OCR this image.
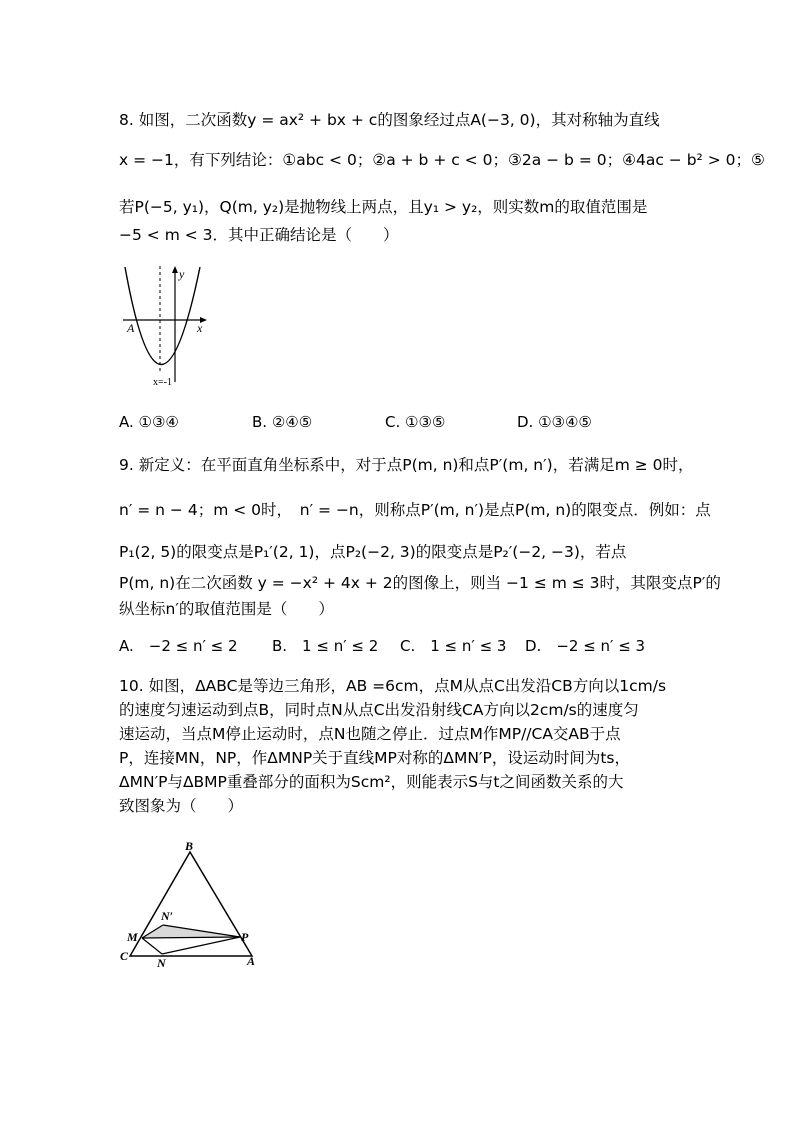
8. 如图，二次函数y = ax² + bx + c的图象经过点A(−3, 0)，其对称轴为直线
x = −1，有下列结论：①abc < 0；②a + b + c < 0；③2a − b = 0；④4ac − b² > 0；⑤
若P(−5, y₁)，Q(m, y₂)是抛物线上两点，且y₁ > y₂，则实数m的取值范围是
−5 < m < 3．其中正确结论是（　　）
y
x
A
x=-1
A. ①③④	B. ②④⑤	C. ①③⑤	D. ①③④⑤
9. 新定义：在平面直角坐标系中，对于点P(m, n)和点P′(m, n′)，若满足m ≥ 0时，
n′ = n − 4；m < 0时，　n′ = −n，则称点P′(m, n′)是点P(m, n)的限变点．例如：点
P₁(2, 5)的限变点是P₁′(2, 1)，点P₂(−2, 3)的限变点是P₂′(−2, −3)，若点
P(m, n)在二次函数 y = −x² + 4x + 2的图像上，则当 −1 ≤ m ≤ 3时，其限变点P′的
纵坐标n′的取值范围是（　　）
A.　−2 ≤ n′ ≤ 2 B.　1 ≤ n′ ≤ 2 C.　1 ≤ n′ ≤ 3 D.　−2 ≤ n′ ≤ 3
10. 如图，ΔABC是等边三角形，AB =6cm，点M从点C出发沿CB方向以1cm/s
的速度匀速运动到点B，同时点N从点C出发沿射线CA方向以2cm/s的速度匀
速运动，当点M停止运动时，点N也随之停止．过点M作MP//CA交AB于点
P，连接MN，NP，作ΔMNP关于直线MP对称的ΔMN′P，设运动时间为ts，
ΔMN′P与ΔBMP重叠部分的面积为Scm²，则能表示S与t之间函数关系的大
致图象为（　　）
B
N′
M	P
C N	A
